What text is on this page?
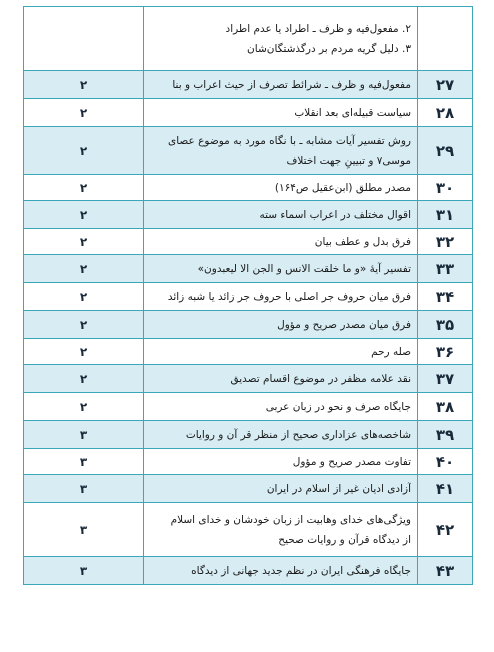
	۲. مفعول‌فیه و ظرف ـ اطراد یا عدم اطراد
۳. دلیل گریه مردم بر درگذشتگان‌شان	

۲۷	مفعول‌فیه و ظرف ـ شرائط تصرف از حیث اعراب و بنا	۲
۲۸	سیاست قبیله‌ای بعد انقلاب	۲
۲۹	روش تفسیر آیات مشابه ـ با نگاه مورد به موضوع عصای
موسی۷ و تبیینِ جهت اختلاف	۲
۳۰	مصدر مطلق (ابن‌عقیل ص۱۶۴)	۲
۳۱	اقوال مختلف در اعراب اسماء سته	۲
۳۲	فرق بدل و عطف بیان	۲
۳۳	تفسیر آیهٔ «و ما خلقت الانس و الجن الا لیعبدون»	۲
۳۴	فرق میان حروف جر اصلی با حروف جر زائد یا شبه زائد	۲
۳۵	فرق میان مصدر صریح و مؤول	۲
۳۶	صله رحم	۲
۳۷	نقد علامه مظفر در موضوع اقسام تصدیق	۲
۳۸	جایگاه صرف و نحو در زبان عربی	۲
۳۹	شاخصه‌های عزاداری صحیح از منظر قر آن و روایات	۳
۴۰	تفاوت مصدر صریح و مؤول	۳
۴۱	آزادی ادیان غیر از اسلام در ایران	۳
۴۲	ویژگی‌های خدای وهابیت از زبان خودشان و خدای اسلام
از دیدگاه قرآن و روایات صحیح	۳
۴۳	جایگاه فرهنگی ایران در نظم جدید جهانی از دیدگاه	۳
